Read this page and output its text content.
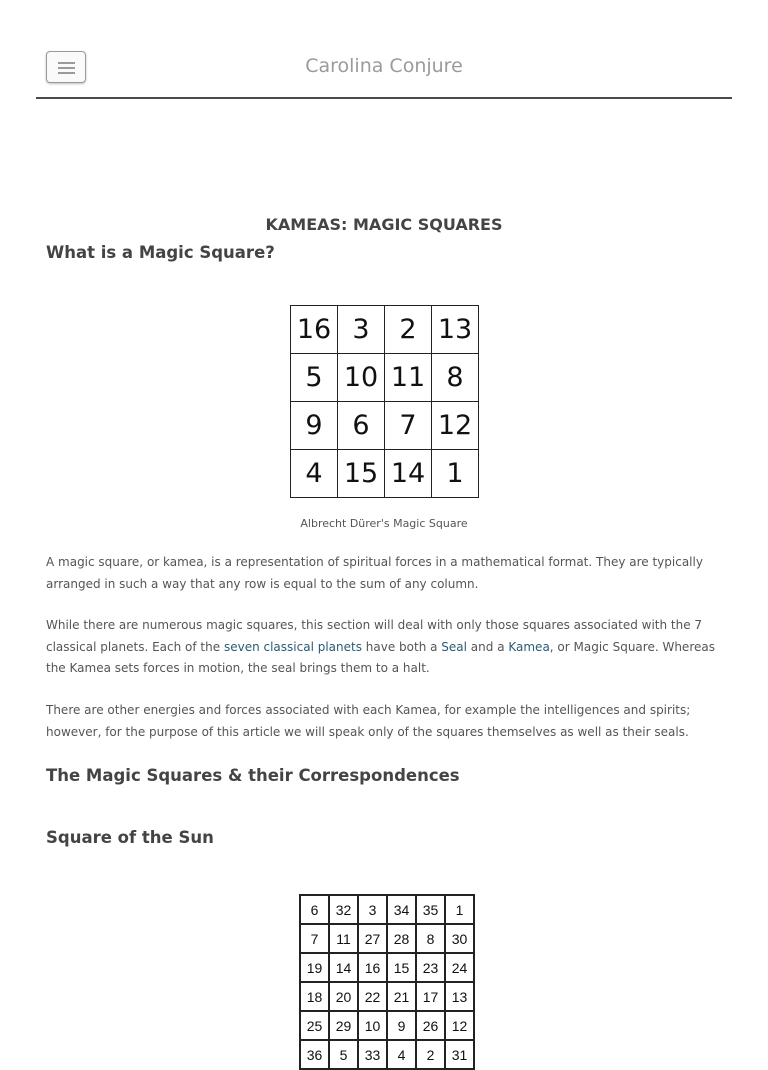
Carolina Conjure
KAMEAS: MAGIC SQUARES
What is a Magic Square?
16	3	2	13
5	10	11	8
9	6	7	12
4	15	14	1
Albrecht Dürer's Magic Square

A magic square, or kamea, is a representation of spiritual forces in a mathematical format. They are typically arranged in such a way that any row is equal to the sum of any column.

While there are numerous magic squares, this section will deal with only those squares associated with the 7 classical planets. Each of the seven classical planets have both a Seal and a Kamea, or Magic Square. Whereas the Kamea sets forces in motion, the seal brings them to a halt.

There are other energies and forces associated with each Kamea, for example the intelligences and spirits; however, for the purpose of this article we will speak only of the squares themselves as well as their seals.

The Magic Squares & their Correspondences
Square of the Sun
6	32	3	34	35	1
7	11	27	28	8	30
19	14	16	15	23	24
18	20	22	21	17	13
25	29	10	9	26	12
36	5	33	4	2	31
